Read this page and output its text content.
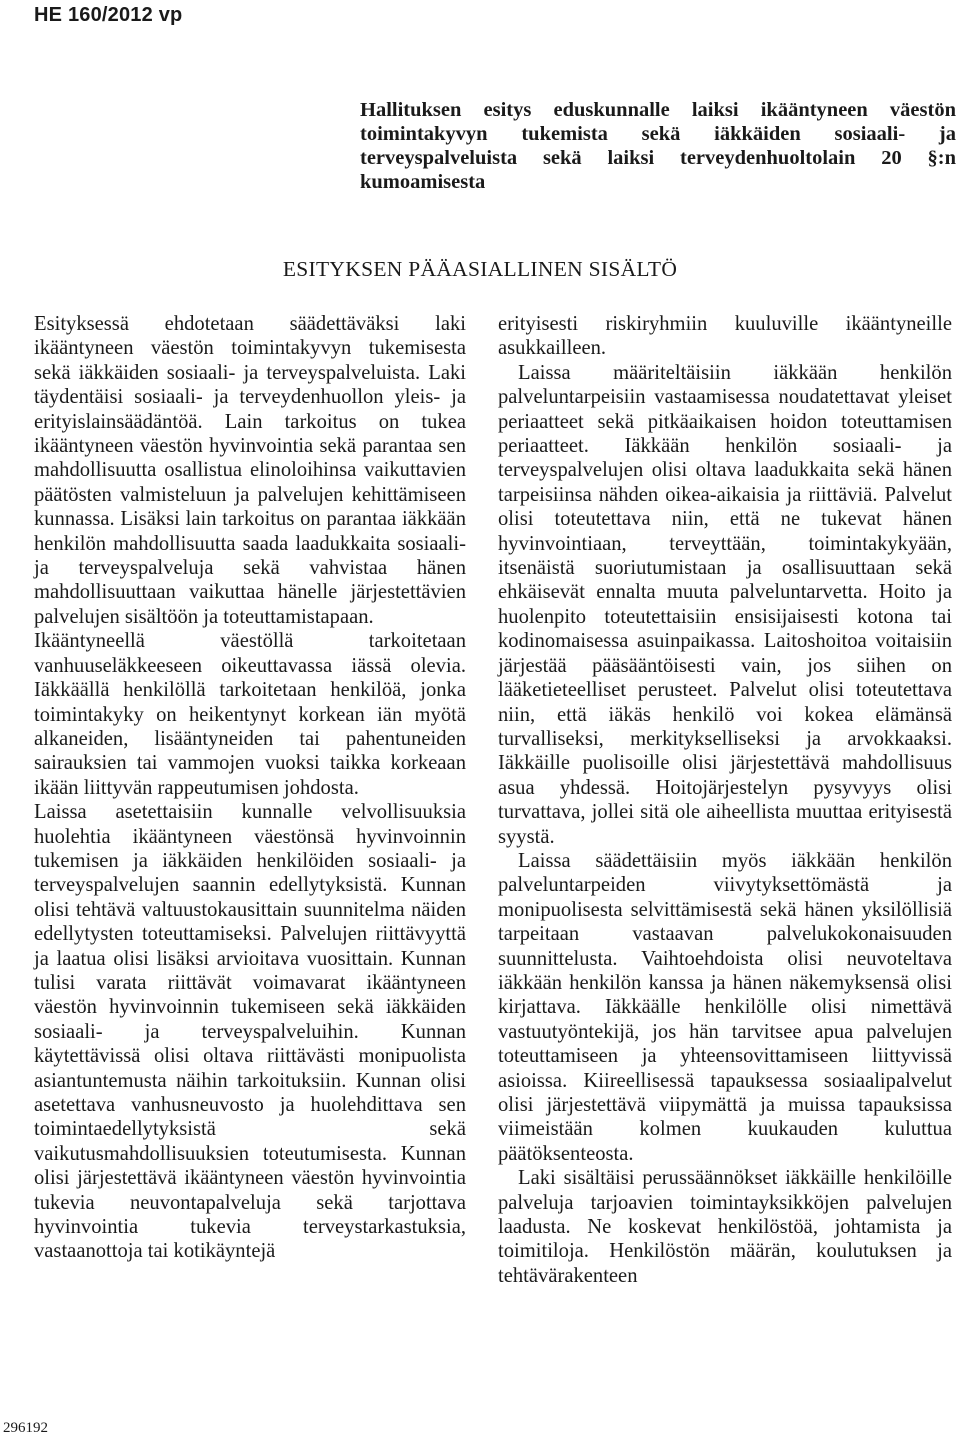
HE 160/2012 vp
Hallituksen esitys eduskunnalle laiksi ikääntyneen väestön toimintakyvyn tukemista sekä iäkkäiden sosiaali- ja terveyspalveluista sekä laiksi terveydenhuoltolain 20 §:n kumoamisesta
ESITYKSEN PÄÄASIALLINEN SISÄLTÖ

Esityksessä ehdotetaan säädettäväksi laki ikääntyneen väestön toimintakyvyn tukemisesta sekä iäkkäiden sosiaali- ja terveyspalveluista. Laki täydentäisi sosiaali- ja terveydenhuollon yleis- ja erityislainsäädäntöä. Lain tarkoitus on tukea ikääntyneen väestön hyvinvointia sekä parantaa sen mahdollisuutta osallistua elinoloihinsa vaikuttavien päätösten valmisteluun ja palvelujen kehittämiseen kunnassa. Lisäksi lain tarkoitus on parantaa iäkkään henkilön mahdollisuutta saada laadukkaita sosiaali- ja terveyspalveluja sekä vahvistaa hänen mahdollisuuttaan vaikuttaa hänelle järjestettävien palvelujen sisältöön ja toteuttamistapaan.

Ikääntyneellä väestöllä tarkoitetaan vanhuuseläkkeeseen oikeuttavassa iässä olevia. Iäkkäällä henkilöllä tarkoitetaan henkilöä, jonka toimintakyky on heikentynyt korkean iän myötä alkaneiden, lisääntyneiden tai pahentuneiden sairauksien tai vammojen vuoksi taikka korkeaan ikään liittyvän rappeutumisen johdosta.

Laissa asetettaisiin kunnalle velvollisuuksia huolehtia ikääntyneen väestönsä hyvinvoinnin tukemisen ja iäkkäiden henkilöiden sosiaali- ja terveyspalvelujen saannin edellytyksistä. Kunnan olisi tehtävä valtuustokausittain suunnitelma näiden edellytysten toteuttamiseksi. Palvelujen riittävyyttä ja laatua olisi lisäksi arvioitava vuosittain. Kunnan tulisi varata riittävät voimavarat ikääntyneen väestön hyvinvoinnin tukemiseen sekä iäkkäiden sosiaali- ja terveyspalveluihin. Kunnan käytettävissä olisi oltava riittävästi monipuolista asiantuntemusta näihin tarkoituksiin. Kunnan olisi asetettava vanhusneuvosto ja huolehdittava sen toimintaedellytyksistä sekä vaikutusmahdollisuuksien toteutumisesta. Kunnan olisi järjestettävä ikääntyneen väestön hyvinvointia tukevia neuvontapalveluja sekä tarjottava hyvinvointia tukevia terveystarkastuksia, vastaanottoja tai kotikäyntejä

erityisesti riskiryhmiin kuuluville ikääntyneille asukkailleen.

Laissa määriteltäisiin iäkkään henkilön palveluntarpeisiin vastaamisessa noudatettavat yleiset periaatteet sekä pitkäaikaisen hoidon toteuttamisen periaatteet. Iäkkään henkilön sosiaali- ja terveyspalvelujen olisi oltava laadukkaita sekä hänen tarpeisiinsa nähden oikea-aikaisia ja riittäviä. Palvelut olisi toteutettava niin, että ne tukevat hänen hyvinvointiaan, terveyttään, toimintakykyään, itsenäistä suoriutumistaan ja osallisuuttaan sekä ehkäisevät ennalta muuta palveluntarvetta. Hoito ja huolenpito toteutettaisiin ensisijaisesti kotona tai kodinomaisessa asuinpaikassa. Laitoshoitoa voitaisiin järjestää pääsääntöisesti vain, jos siihen on lääketieteelliset perusteet. Palvelut olisi toteutettava niin, että iäkäs henkilö voi kokea elämänsä turvalliseksi, merkitykselliseksi ja arvokkaaksi. Iäkkäille puolisoille olisi järjestettävä mahdollisuus asua yhdessä. Hoitojärjestelyn pysyvyys olisi turvattava, jollei sitä ole aiheellista muuttaa erityisestä syystä.

Laissa säädettäisiin myös iäkkään henkilön palveluntarpeiden viivytyksettömästä ja monipuolisesta selvittämisestä sekä hänen yksilöllisiä tarpeitaan vastaavan palvelukokonaisuuden suunnittelusta. Vaihtoehdoista olisi neuvoteltava iäkkään henkilön kanssa ja hänen näkemyksensä olisi kirjattava. Iäkkäälle henkilölle olisi nimettävä vastuutyöntekijä, jos hän tarvitsee apua palvelujen toteuttamiseen ja yhteensovittamiseen liittyvissä asioissa. Kiireellisessä tapauksessa sosiaalipalvelut olisi järjestettävä viipymättä ja muissa tapauksissa viimeistään kolmen kuukauden kuluttua päätöksenteosta.

Laki sisältäisi perussäännökset iäkkäille henkilöille palveluja tarjoavien toimintayksikköjen palvelujen laadusta. Ne koskevat henkilöstöä, johtamista ja toimitiloja. Henkilöstön määrän, koulutuksen ja tehtävärakenteen

296192
